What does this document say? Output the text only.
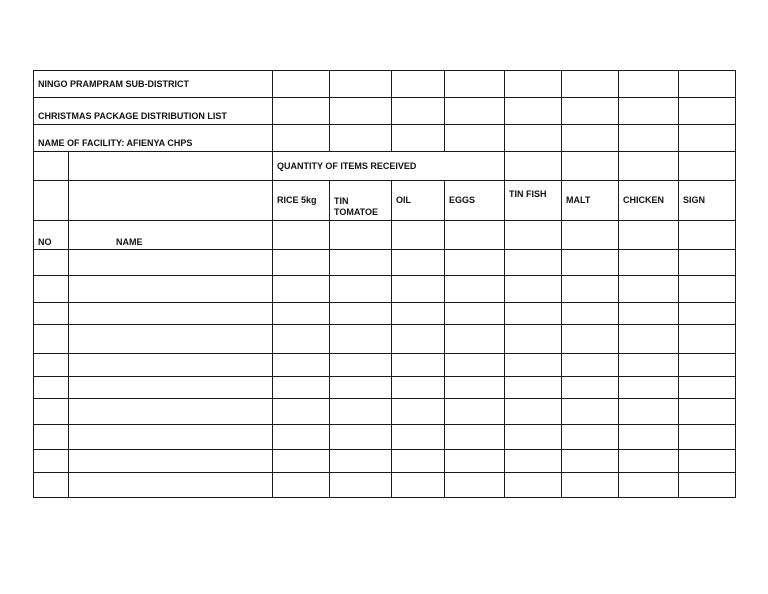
NINGO PRAMPRAM SUB-DISTRICT									
CHRISTMAS PACKAGE DISTRIBUTION LIST									
NAME OF FACILITY: AFIENYA CHPS									
		QUANTITY OF ITEMS RECEIVED							
		RICE 5kg	TIN TOMATOE	OIL	EGGS	TIN FISH	MALT	CHICKEN	SIGN
NO	NAME								
